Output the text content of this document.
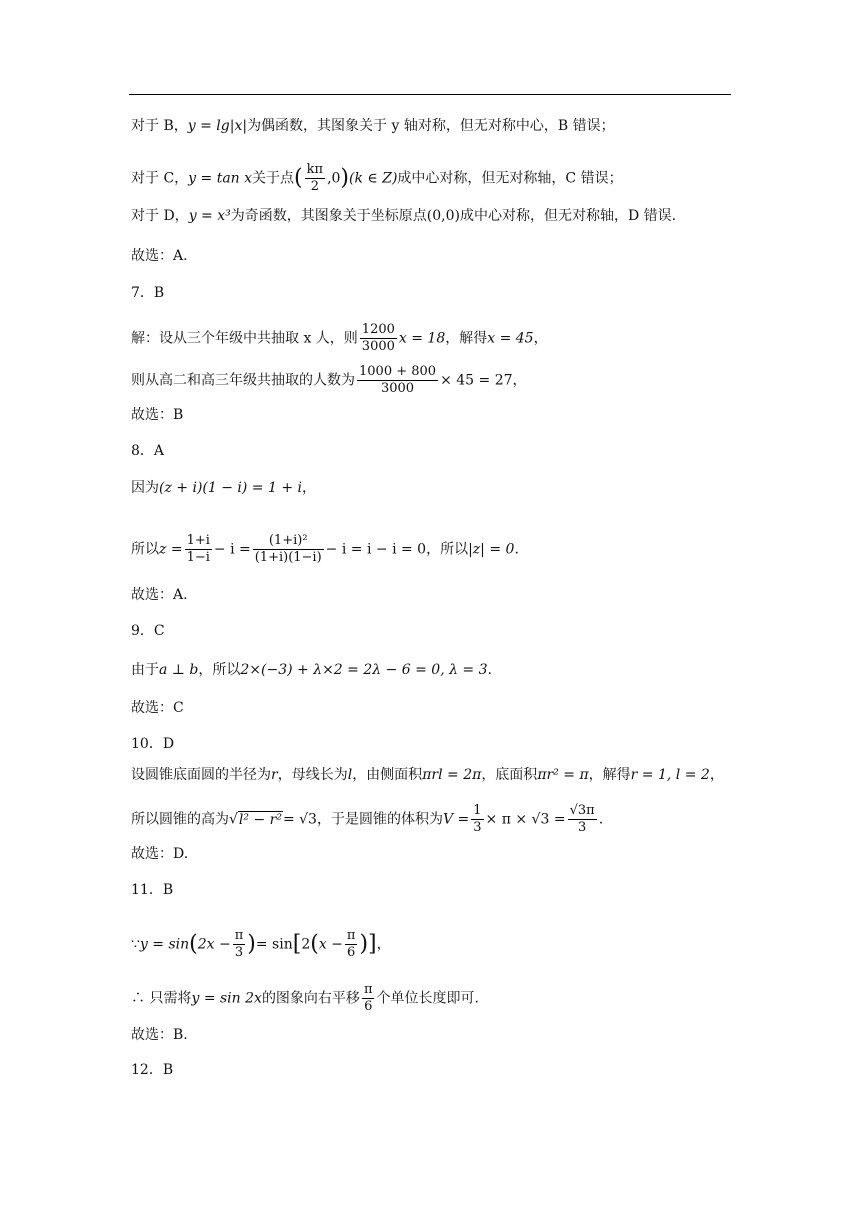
对于 B，y = lg|x|为偶函数，其图象关于 y 轴对称，但无对称中心，B 错误；
对于 C，y = tan x关于点( $\frac{k\pi}{2} ,0)(k$ ∈ Z)成中心对称，但无对称轴，C 错误；
对于 D，y = x³为奇函数，其图象关于坐标原点(0,0)成中心对称，但无对称轴，D 错误.
故选：A.
7．B
解：设从三个年级中共抽取 x 人，则 $\frac{1200}{3000}$ x = 18，解得x = 45，
则从高二和高三年级共抽取的人数为 $\frac{1000 + 800}{3000} \times 45 = 27$，
故选：B
8．A
因为(z + i)(1 − i) = 1 + i，
所以$z = \frac{1+i}{1-i} - i = \frac{\text{(1+i)²}}{(1+i)(1-i)} - i = i - i = 0$，所以|z| = 0.
故选：A.
9．C
由于a ⊥ b，所以2×(−3) + λ×2 = 2λ − 6 = 0, λ = 3.
故选：C
10．D
设圆锥底面圆的半径为r，母线长为l，由侧面积πrl = 2π，底面积πr² = π，解得r = 1, l = 2，
所以圆锥的高为√l² − r²= √3，于是圆锥的体积为$V = \frac{1}{3} \times \pi \times √3 = \frac{√3\pi}{3}$ .
故选：D.
11．B
∵y = $\sin(2x - \frac{\pi}{3}$ )= $\sin[2(x - \frac{\pi}{6}$ )]，
∴ 只需将y = sin 2x的图象向右平移 $\frac{\pi}{6}$ 个单位长度即可.
故选：B.
12．B
